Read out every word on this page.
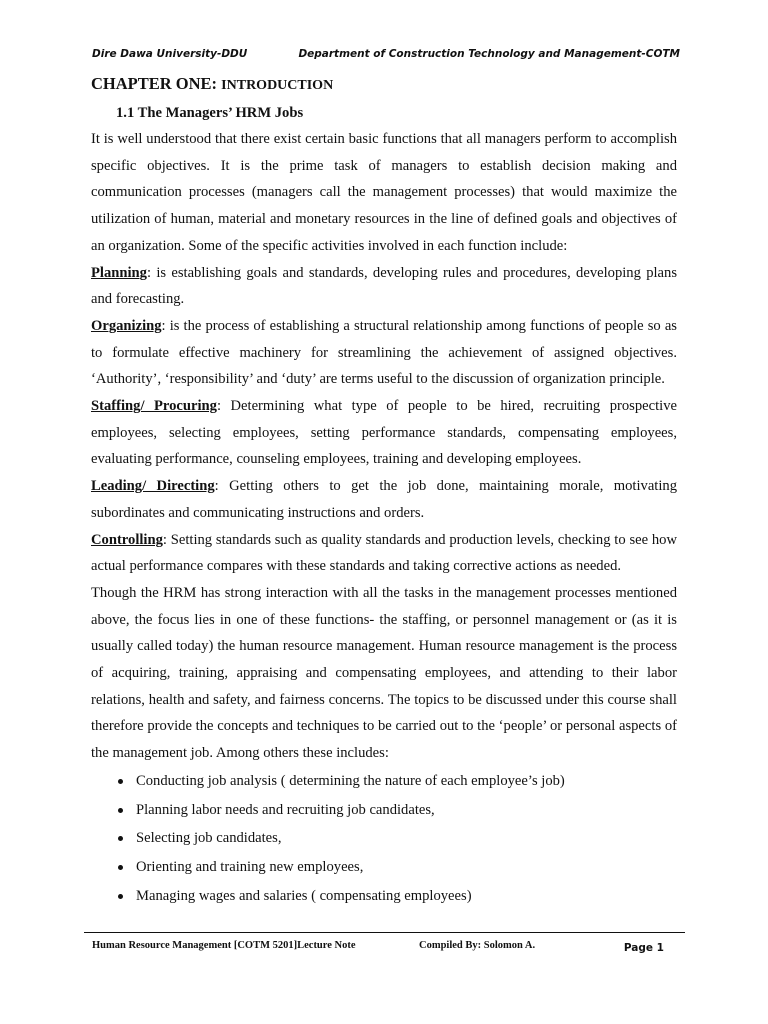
Dire Dawa University-DDU	Department of Construction Technology and Management-COTM
CHAPTER ONE: INTRODUCTION
1.1 The Managers’ HRM Jobs

It is well understood that there exist certain basic functions that all managers perform to accomplish specific objectives. It is the prime task of managers to establish decision making and communication processes (managers call the management processes) that would maximize the utilization of human, material and monetary resources in the line of defined goals and objectives of an organization. Some of the specific activities involved in each function include:

Planning: is establishing goals and standards, developing rules and procedures, developing plans and forecasting.

Organizing: is the process of establishing a structural relationship among functions of people so as to formulate effective machinery for streamlining the achievement of assigned objectives. ‘Authority’, ‘responsibility’ and ‘duty’ are terms useful to the discussion of organization principle.

Staffing/ Procuring: Determining what type of people to be hired, recruiting prospective employees, selecting employees, setting performance standards, compensating employees, evaluating performance, counseling employees, training and developing employees.

Leading/ Directing: Getting others to get the job done, maintaining morale, motivating subordinates and communicating instructions and orders.

Controlling: Setting standards such as quality standards and production levels, checking to see how actual performance compares with these standards and taking corrective actions as needed.

Though the HRM has strong interaction with all the tasks in the management processes mentioned above, the focus lies in one of these functions- the staffing, or personnel management or (as it is usually called today) the human resource management. Human resource management is the process of acquiring, training, appraising and compensating employees, and attending to their labor relations, health and safety, and fairness concerns. The topics to be discussed under this course shall therefore provide the concepts and techniques to be carried out to the ‘people’ or personal aspects of the management job. Among others these includes:

Conducting job analysis ( determining the nature of each employee’s job)
Planning labor needs and recruiting job candidates,
Selecting job candidates,
Orienting and training new employees,
Managing wages and salaries ( compensating employees)
Human Resource Management [COTM 5201]Lecture Note	Compiled By: Solomon A.	Page 1
